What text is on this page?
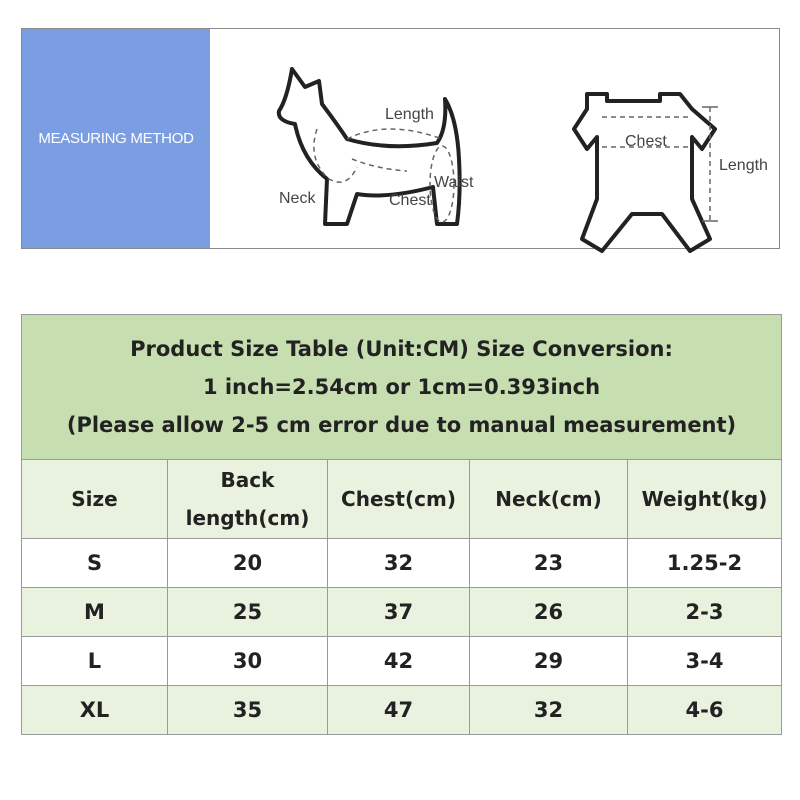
MEASURING METHOD
Length
Neck	Chest
Waist
Chest
Length
Product Size Table (Unit:CM) Size Conversion:
1 inch=2.54cm or 1cm=0.393inch
(Please allow 2-5 cm error due to manual measurement)				

Size	Back length(cm)	Chest(cm)	Neck(cm)	Weight(kg)
S	20	32	23	1.25-2
M	25	37	26	2-3
L	30	42	29	3-4
XL	35	47	32	4-6
